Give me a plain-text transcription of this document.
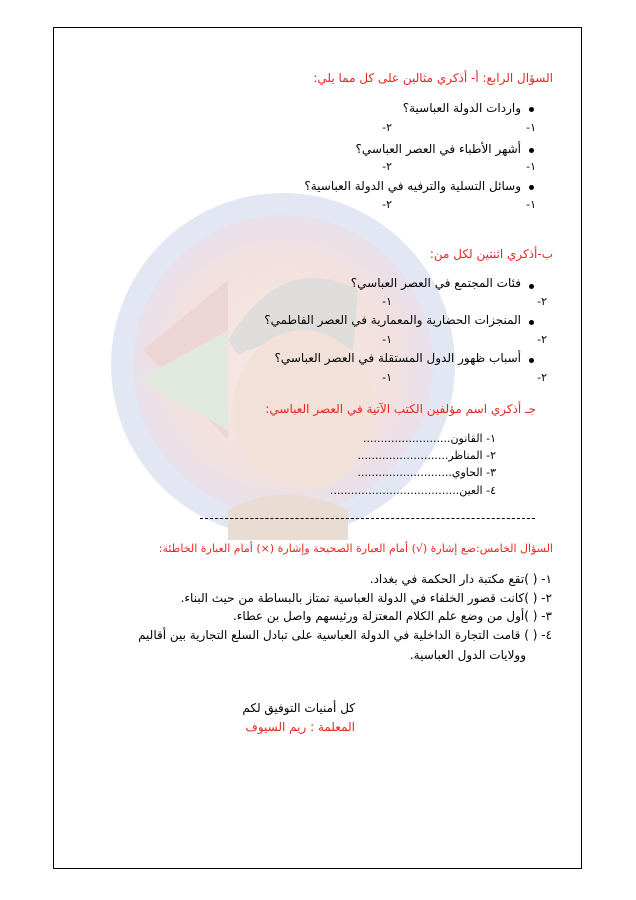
السؤال الرابع: أ- أذكري مثالين على كل مما يلي:
واردات الدولة العباسية؟
١-
٢-
أشهر الأطباء في العصر العباسي؟
١-
٢-
وسائل التسلية والترفيه في الدولة العباسية؟
١-
٢-
ب-أذكري اثنتين لكل من:
فئات المجتمع في العصر العباسي؟
١-	٢-
المنجزات الحضارية والمعمارية في العصر الفاطمي؟
١-	٢-
أسباب ظهور الدول المستقلة في العصر العباسي؟
١-	٢-
جـ أذكري اسم مؤلفين الكتب الآتية في العصر العباسي:
١- القانون.........................
٢- المناظر..........................
٣- الحاوي...........................
٤- العين.....................................
السؤال الخامس:ضع إشارة (√) أمام العبارة الصحيحة وإشارة (×) أمام العبارة الخاطئة:
١- ( )تقع مكتبة دار الحكمة في بغداد.
٢- ( )كانت قصور الخلفاء في الدولة العباسية تمتاز بالبساطة من حيث البناء.
٣- ( )أول من وضع علم الكلام المعتزلة ورئيسهم واصل بن عطاء.
٤- ( ) قامت التجارة الداخلية في الدولة العباسية على تبادل السلع التجارية بين أقاليم
وولايات الدول العباسية.
كل أمنيات التوفيق لكم
المعلمة : ريم السيوف
